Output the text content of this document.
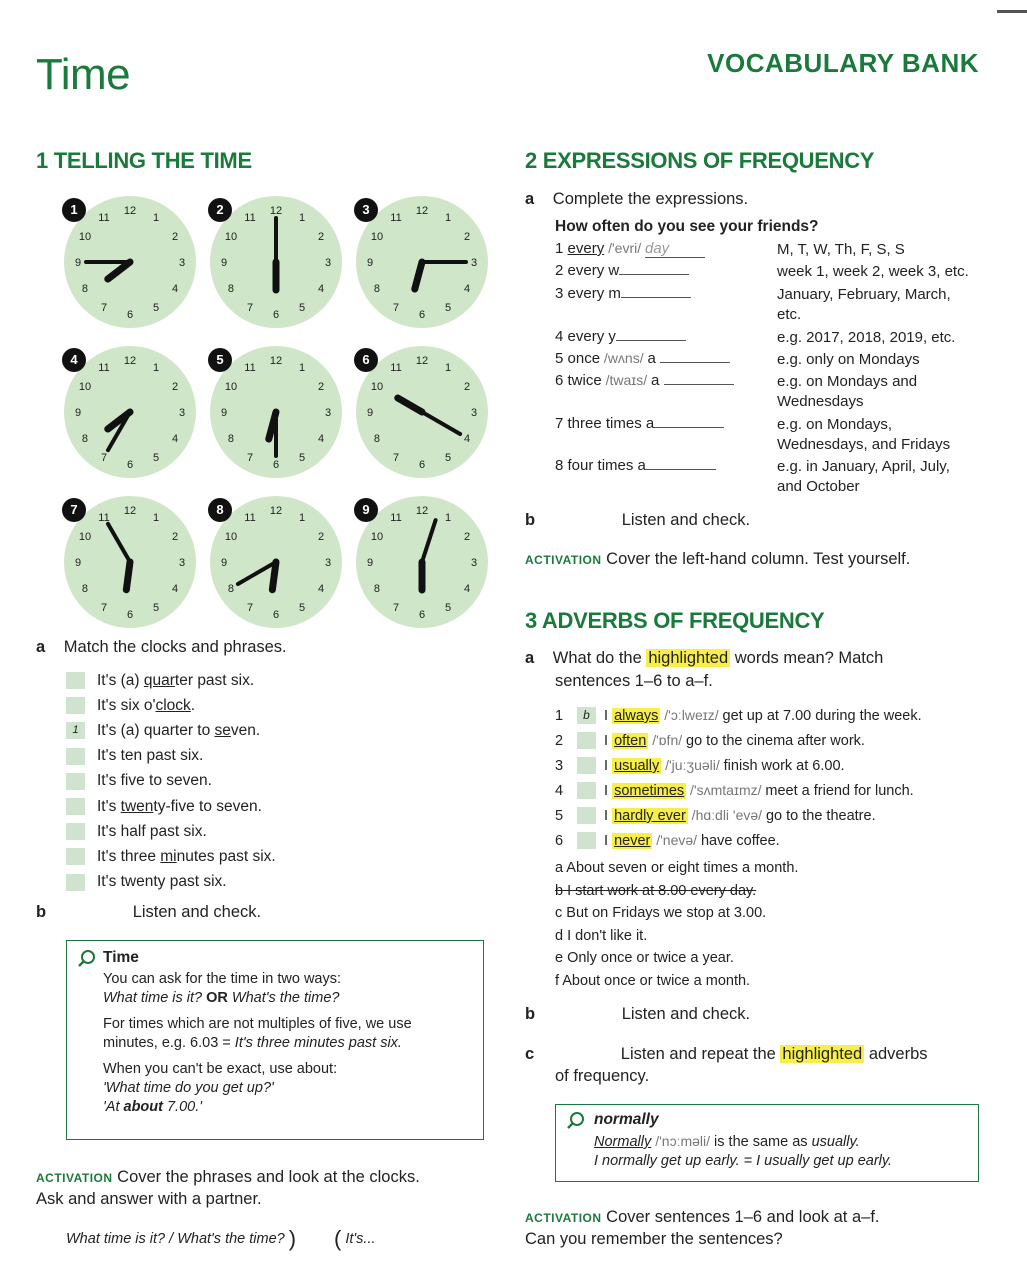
Time	VOCABULARY BANK
1 TELLING THE TIME
1
2
3
4
5
6
7
8
9
10
11
12
1
1
2
3
4
5
6
7
8
9
10
11
12
2
1
2
3
4
5
6
7
8
9
10
11
12
3
1
2
3
4
5
6
7
8
9
10
11
12
4
1
2
3
4
5
6
7
8
9
10
11
12
5
1
2
3
4
5
6
7
8
9
10
11
12
6
1
2
3
4
5
6
7
8
9
10
11
12
7
1
2
3
4
5
6
7
8
9
10
11
12
8
1
2
3
4
5
6
7
8
9
10
11
12
9
a Match the clocks and phrases.
It's (a) quarter past six.
It's six o'clock.
1	It's (a) quarter to seven.
It's ten past six.
It's five to seven.
It's twenty-five to seven.
It's half past six.
It's three minutes past six.
It's twenty past six.
b	Listen and check.
Time
You can ask for the time in two ways:
What time is it? OR What's the time?
For times which are not multiples of five, we use
minutes, e.g. 6.03 = It's three minutes past six.
When you can't be exact, use about:
'What time do you get up?'
'At about 7.00.'
ACTIVATION Cover the phrases and look at the clocks.
Ask and answer with a partner.
What time is it? / What's the time? ) ( It's...
2 EXPRESSIONS OF FREQUENCY
a Complete the expressions.
How often do you see your friends?
1 every /'evri/ day	M, T, W, Th, F, S, S
2 every w	week 1, week 2, week 3, etc.
3 every m	January, February, March,
etc.
4 every y	e.g. 2017, 2018, 2019, etc.
5 once /wʌns/ a	e.g. only on Mondays
6 twice /twaɪs/ a	e.g. on Mondays and
Wednesdays
7 three times a	e.g. on Mondays,
Wednesdays, and Fridays
8 four times a	e.g. in January, April, July,
and October
b	Listen and check.
ACTIVATION Cover the left-hand column. Test yourself.
3 ADVERBS OF FREQUENCY
a What do the highlighted words mean? Match
sentences 1–6 to a–f.
1	b I always /'ɔːlweɪz/ get up at 7.00 during the week.
2	I often /'ɒfn/ go to the cinema after work.
3	I usually /'juːʒuəli/ finish work at 6.00.
4	I sometimes /'sʌmtaɪmz/ meet a friend for lunch.
5	I hardly ever /hɑːdli 'evə/ go to the theatre.
6	I never /'nevə/ have coffee.
a About seven or eight times a month.
b I start work at 8.00 every day.
c But on Fridays we stop at 3.00.
d I don't like it.
e Only once or twice a year.
f About once or twice a month.
b	Listen and check.
c	Listen and repeat the highlighted adverbs
of frequency.
normally
Normally /'nɔːməli/ is the same as usually.
I normally get up early. = I usually get up early.
ACTIVATION Cover sentences 1–6 and look at a–f.
Can you remember the sentences?
